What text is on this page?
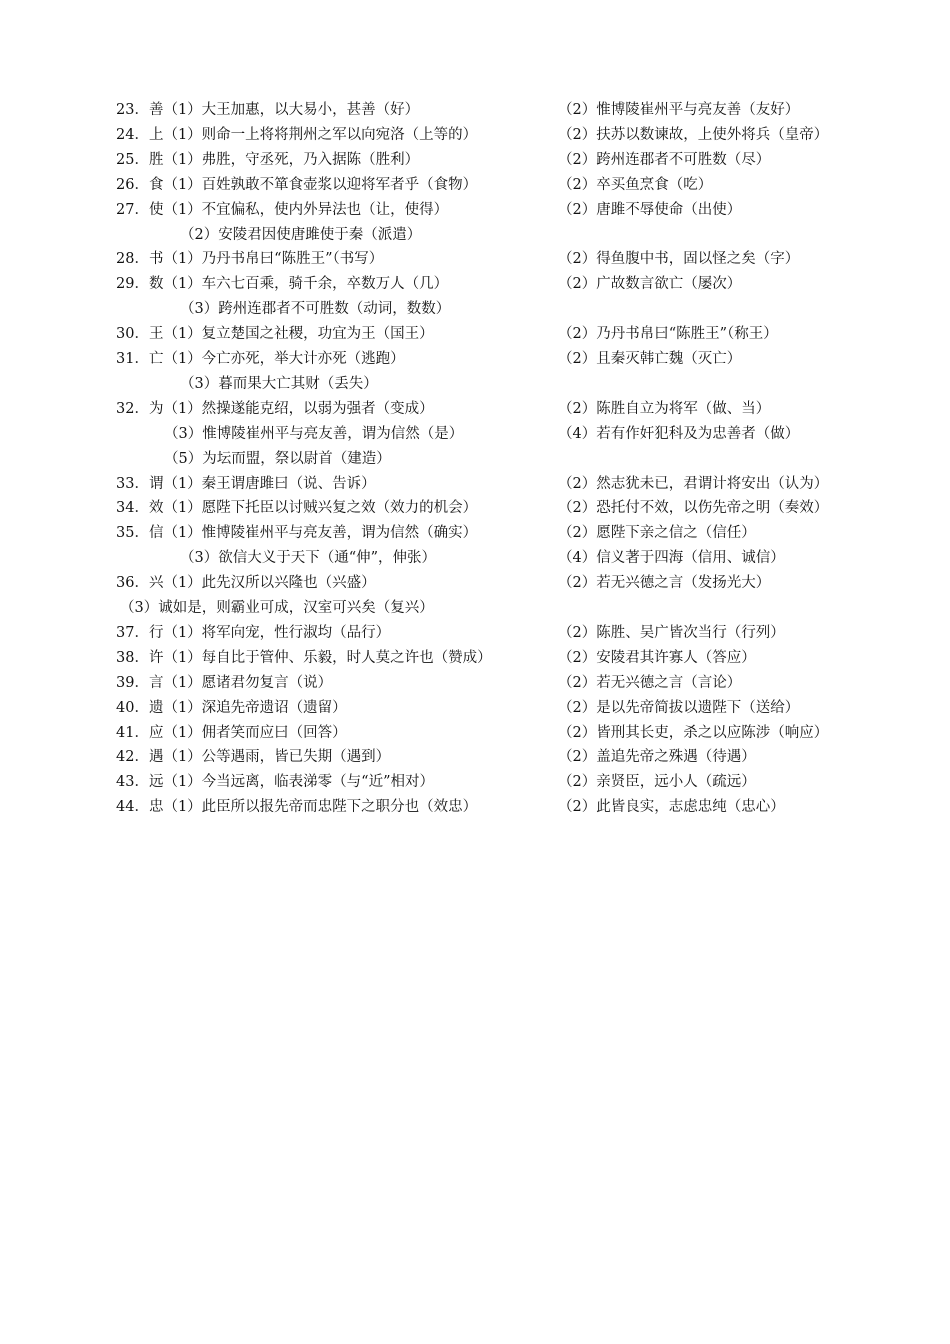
23．善（1）大王加惠，以大易小，甚善（好）	（2）惟博陵崔州平与亮友善（友好）
24．上（1）则命一上将将荆州之军以向宛洛（上等的）	（2）扶苏以数谏故，上使外将兵（皇帝）
25．胜（1）弗胜，守丞死，乃入据陈（胜利）	（2）跨州连郡者不可胜数（尽）
26．食（1）百姓孰敢不箪食壶浆以迎将军者乎（食物）	（2）卒买鱼烹食（吃）
27．使（1）不宜偏私，使内外异法也（让，使得）	（2）唐雎不辱使命（出使）
（2）安陵君因使唐雎使于秦（派遣）
28．书（1）乃丹书帛曰“陈胜王”（书写）	（2）得鱼腹中书，固以怪之矣（字）
29．数（1）车六七百乘，骑千余，卒数万人（几）	（2）广故数言欲亡（屡次）
（3）跨州连郡者不可胜数（动词，数数）
30．王（1）复立楚国之社稷，功宜为王（国王）	（2）乃丹书帛曰“陈胜王”（称王）
31．亡（1）今亡亦死，举大计亦死（逃跑）	（2）且秦灭韩亡魏（灭亡）
（3）暮而果大亡其财（丢失）
32．为（1）然操遂能克绍，以弱为强者（变成）	（2）陈胜自立为将军（做、当）
（3）惟博陵崔州平与亮友善，谓为信然（是）	（4）若有作奸犯科及为忠善者（做）
（5）为坛而盟，祭以尉首（建造）
33．谓（1）秦王谓唐雎曰（说、告诉）	（2）然志犹未已，君谓计将安出（认为）
34．效（1）愿陛下托臣以讨贼兴复之效（效力的机会）	（2）恐托付不效，以伤先帝之明（奏效）
35．信（1）惟博陵崔州平与亮友善，谓为信然（确实）	（2）愿陛下亲之信之（信任）
（3）欲信大义于天下（通“伸”，伸张）	（4）信义著于四海（信用、诚信）
36．兴（1）此先汉所以兴隆也（兴盛）	（2）若无兴德之言（发扬光大）
（3）诚如是，则霸业可成，汉室可兴矣（复兴）
37．行（1）将军向宠，性行淑均（品行）	（2）陈胜、吴广皆次当行（行列）
38．许（1）每自比于管仲、乐毅，时人莫之许也（赞成）	（2）安陵君其许寡人（答应）
39．言（1）愿诸君勿复言（说）	（2）若无兴德之言（言论）
40．遗（1）深追先帝遗诏（遗留）	（2）是以先帝简拔以遗陛下（送给）
41．应（1）佣者笑而应曰（回答）	（2）皆刑其长吏，杀之以应陈涉（响应）
42．遇（1）公等遇雨，皆已失期（遇到）	（2）盖追先帝之殊遇（待遇）
43．远（1）今当远离，临表涕零（与“近”相对）	（2）亲贤臣，远小人（疏远）
44．忠（1）此臣所以报先帝而忠陛下之职分也（效忠）	（2）此皆良实，志虑忠纯（忠心）
